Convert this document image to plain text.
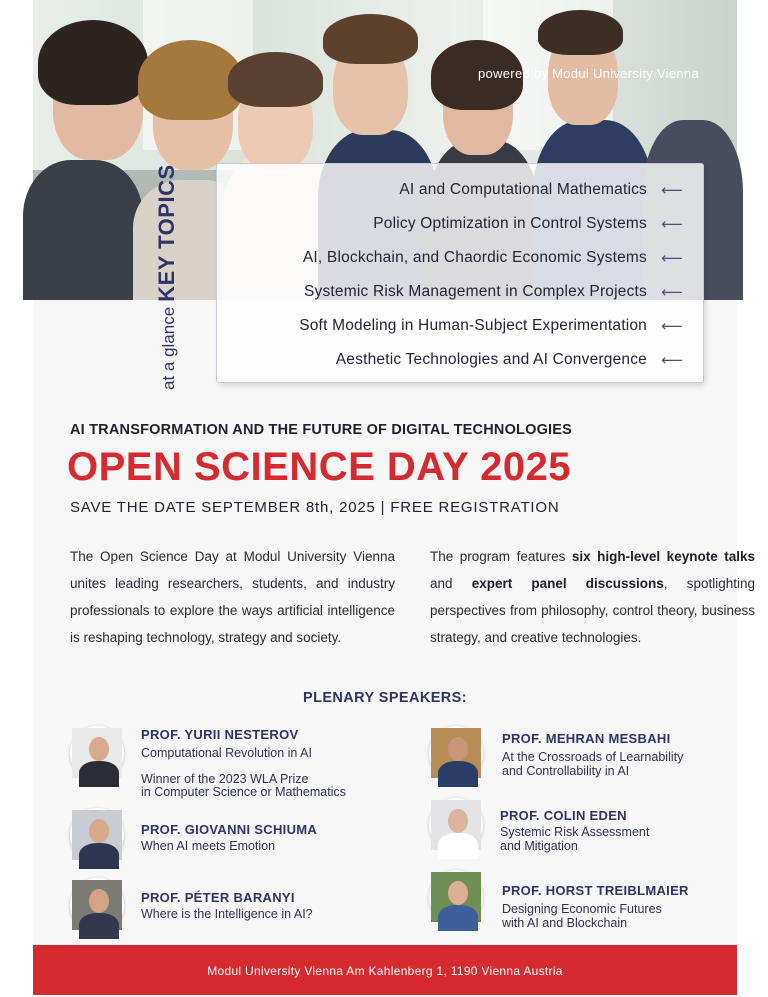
powered by Modul University Vienna
at a glanceKEY TOPICS	AI and Computational Mathematics ⟵
Policy Optimization in Control Systems ⟵
AI, Blockchain, and Chaordic Economic Systems ⟵
Systemic Risk Management in Complex Projects ⟵
Soft Modeling in Human-Subject Experimentation ⟵
Aesthetic Technologies and AI Convergence ⟵
AI TRANSFORMATION AND THE FUTURE OF DIGITAL TECHNOLOGIES
OPEN SCIENCE DAY 2025
SAVE THE DATE SEPTEMBER 8th, 2025 | FREE REGISTRATION
The Open Science Day at Modul University Vienna unites leading researchers, students, and industry professionals to explore the ways artificial intelligence is reshaping technology, strategy and society.
The program features six high-level keynote talks and expert panel discussions, spotlighting perspectives from philosophy, control theory, business strategy, and creative technologies.
PLENARY SPEAKERS:
PROF. YURII NESTEROV
Computational Revolution in AI
Winner of the 2023 WLA Prize
in Computer Science or Mathematics
PROF. GIOVANNI SCHIUMA
When AI meets Emotion
PROF. PÉTER BARANYI
Where is the Intelligence in AI?
PROF. MEHRAN MESBAHI
At the Crossroads of Learnability
and Controllability in AI
PROF. COLIN EDEN
Systemic Risk Assessment
and Mitigation
PROF. HORST TREIBLMAIER
Designing Economic Futures
with AI and Blockchain
Modul University Vienna Am Kahlenberg 1, 1190 Vienna Austria
